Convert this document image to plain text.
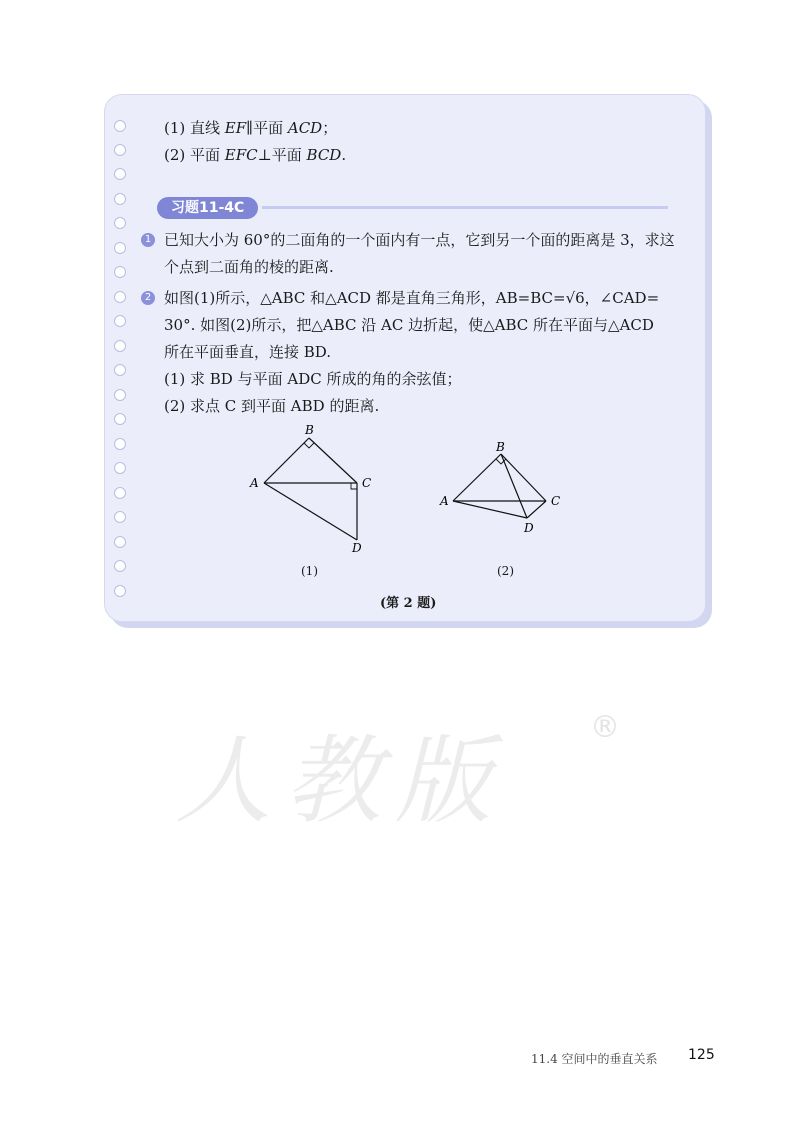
(1) 直线 EF∥平面 ACD；
(2) 平面 EFC⊥平面 BCD.
习题11-4C
1 已知大小为 60°的二面角的一个面内有一点，它到另一个面的距离是 3，求这
个点到二面角的棱的距离.
2 如图(1)所示，△ABC 和△ACD 都是直角三角形，AB=BC=√6，∠CAD=
30°. 如图(2)所示，把△ABC 沿 AC 边折起，使△ABC 所在平面与△ACD
所在平面垂直，连接 BD.
(1) 求 BD 与平面 ADC 所成的角的余弦值；
(2) 求点 C 到平面 ABD 的距离.
B
A	C
D
(1)
B
A	C
D
(2)
(第 2 题)
人教版	®
11.4 空间中的垂直关系 125
